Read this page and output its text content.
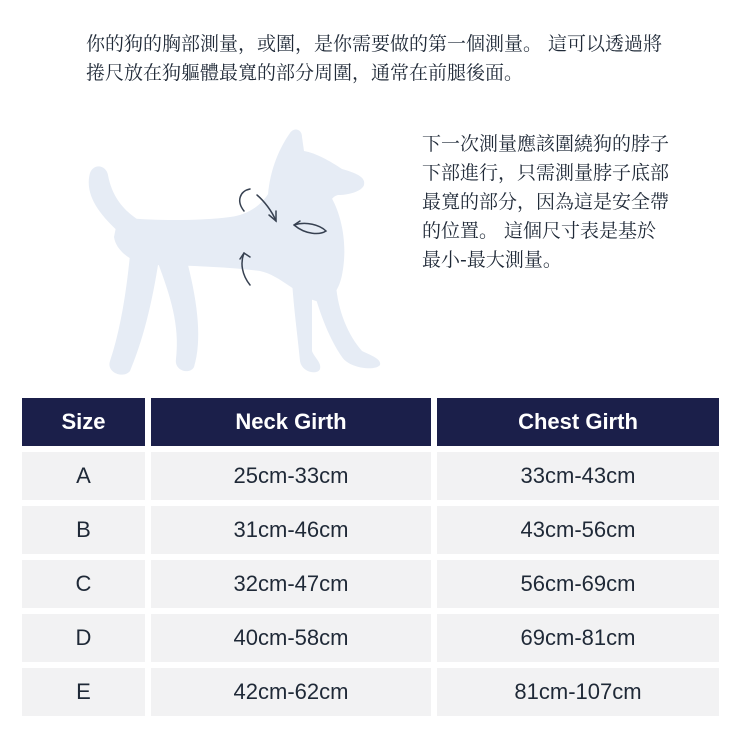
你的狗的胸部測量，或圍，是你需要做的第一個測量。 這可以透過將捲尺放在狗軀體最寬的部分周圍，通常在前腿後面。

下一次測量應該圍繞狗的脖子下部進行，只需測量脖子底部最寬的部分，因為這是安全帶的位置。 這個尺寸表是基於最小-最大測量。

Size	Neck Girth	Chest Girth
A	25cm-33cm	33cm-43cm
B	31cm-46cm	43cm-56cm
C	32cm-47cm	56cm-69cm
D	40cm-58cm	69cm-81cm
E	42cm-62cm	81cm-107cm
